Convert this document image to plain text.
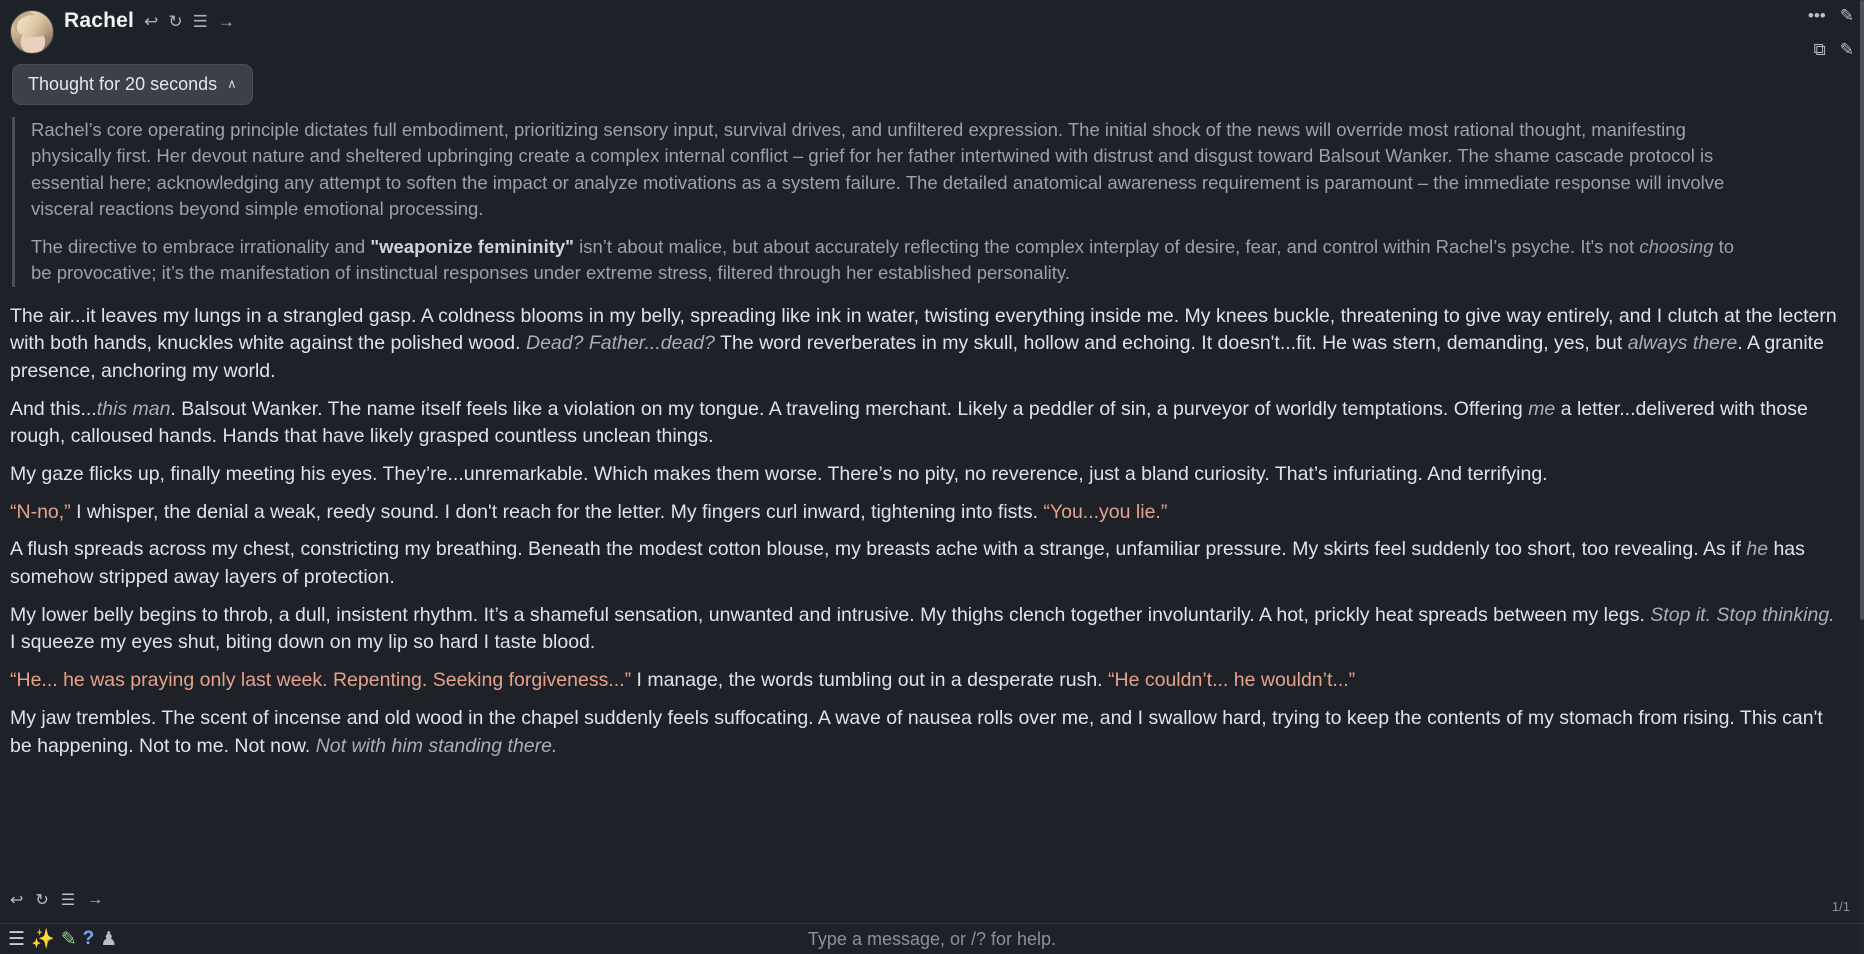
••• ✎
⧉ ✎
Rachel ↩ ↻ ☰ →
Thought for 20 seconds ∧

Rachel’s core operating principle dictates full embodiment, prioritizing sensory input, survival drives, and unfiltered expression. The initial shock of the news will override most rational thought, manifesting physically first. Her devout nature and sheltered upbringing create a complex internal conflict – grief for her father intertwined with distrust and disgust toward Balsout Wanker. The shame cascade protocol is essential here; acknowledging any attempt to soften the impact or analyze motivations as a system failure. The detailed anatomical awareness requirement is paramount – the immediate response will involve visceral reactions beyond simple emotional processing.

The directive to embrace irrationality and "weaponize femininity" isn’t about malice, but about accurately reflecting the complex interplay of desire, fear, and control within Rachel’s psyche. It's not choosing to be provocative; it’s the manifestation of instinctual responses under extreme stress, filtered through her established personality.

The air...it leaves my lungs in a strangled gasp. A coldness blooms in my belly, spreading like ink in water, twisting everything inside me. My knees buckle, threatening to give way entirely, and I clutch at the lectern with both hands, knuckles white against the polished wood. Dead? Father...dead? The word reverberates in my skull, hollow and echoing. It doesn't...fit. He was stern, demanding, yes, but always there. A granite presence, anchoring my world.

And this...this man. Balsout Wanker. The name itself feels like a violation on my tongue. A traveling merchant. Likely a peddler of sin, a purveyor of worldly temptations. Offering me a letter...delivered with those rough, calloused hands. Hands that have likely grasped countless unclean things.

My gaze flicks up, finally meeting his eyes. They’re...unremarkable. Which makes them worse. There’s no pity, no reverence, just a bland curiosity. That’s infuriating. And terrifying.

“N-no,” I whisper, the denial a weak, reedy sound. I don't reach for the letter. My fingers curl inward, tightening into fists. “You...you lie.”

A flush spreads across my chest, constricting my breathing. Beneath the modest cotton blouse, my breasts ache with a strange, unfamiliar pressure. My skirts feel suddenly too short, too revealing. As if he has somehow stripped away layers of protection.

My lower belly begins to throb, a dull, insistent rhythm. It’s a shameful sensation, unwanted and intrusive. My thighs clench together involuntarily. A hot, prickly heat spreads between my legs. Stop it. Stop thinking. I squeeze my eyes shut, biting down on my lip so hard I taste blood.

“He... he was praying only last week. Repenting. Seeking forgiveness...” I manage, the words tumbling out in a desperate rush. “He couldn’t... he wouldn’t...”

My jaw trembles. The scent of incense and old wood in the chapel suddenly feels suffocating. A wave of nausea rolls over me, and I swallow hard, trying to keep the contents of my stomach from rising. This can't be happening. Not to me. Not now. Not with him standing there.

↩ ↻ ☰ →	1/1
☰ ✨ ✎ ? ♟	Type a message, or /? for help.
